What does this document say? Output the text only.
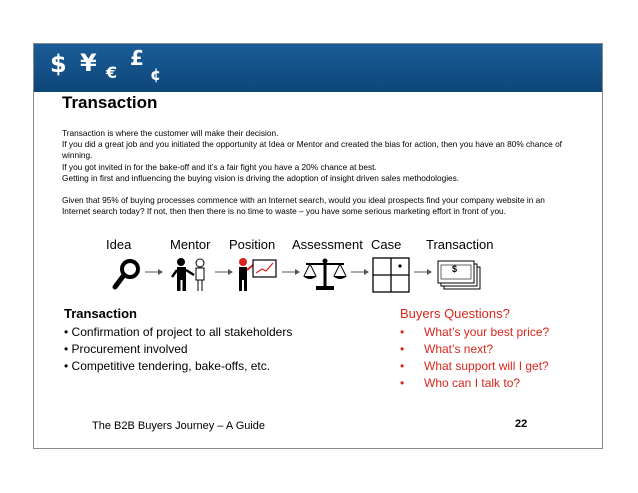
$ ¥ €
£
¢
Transaction

Transaction is where the customer will make their decision.

If you did a great job and you initiated the opportunity at Idea or Mentor and created the bias for action, then you have an 80% chance of winning.

If you got invited in for the bake-off and it’s a fair fight you have a 20% chance at best.

Getting in first and influencing the buying vision is driving the adoption of insight driven sales methodologies.

Given that 95% of buying processes commence with an Internet search, would you ideal prospects find your company website in an Internet search today? If not, then then there is no time to waste – you have some serious marketing effort in front of you.

Idea	Mentor Position Assessment Case Transaction
$
Transaction
• Confirmation of project to all stakeholders
• Procurement involved
• Competitive tendering, bake-offs, etc.
Buyers Questions?
• What’s your best price?
• What’s next?
• What support will I get?
• Who can I talk to?
The B2B Buyers Journey – A Guide	22
